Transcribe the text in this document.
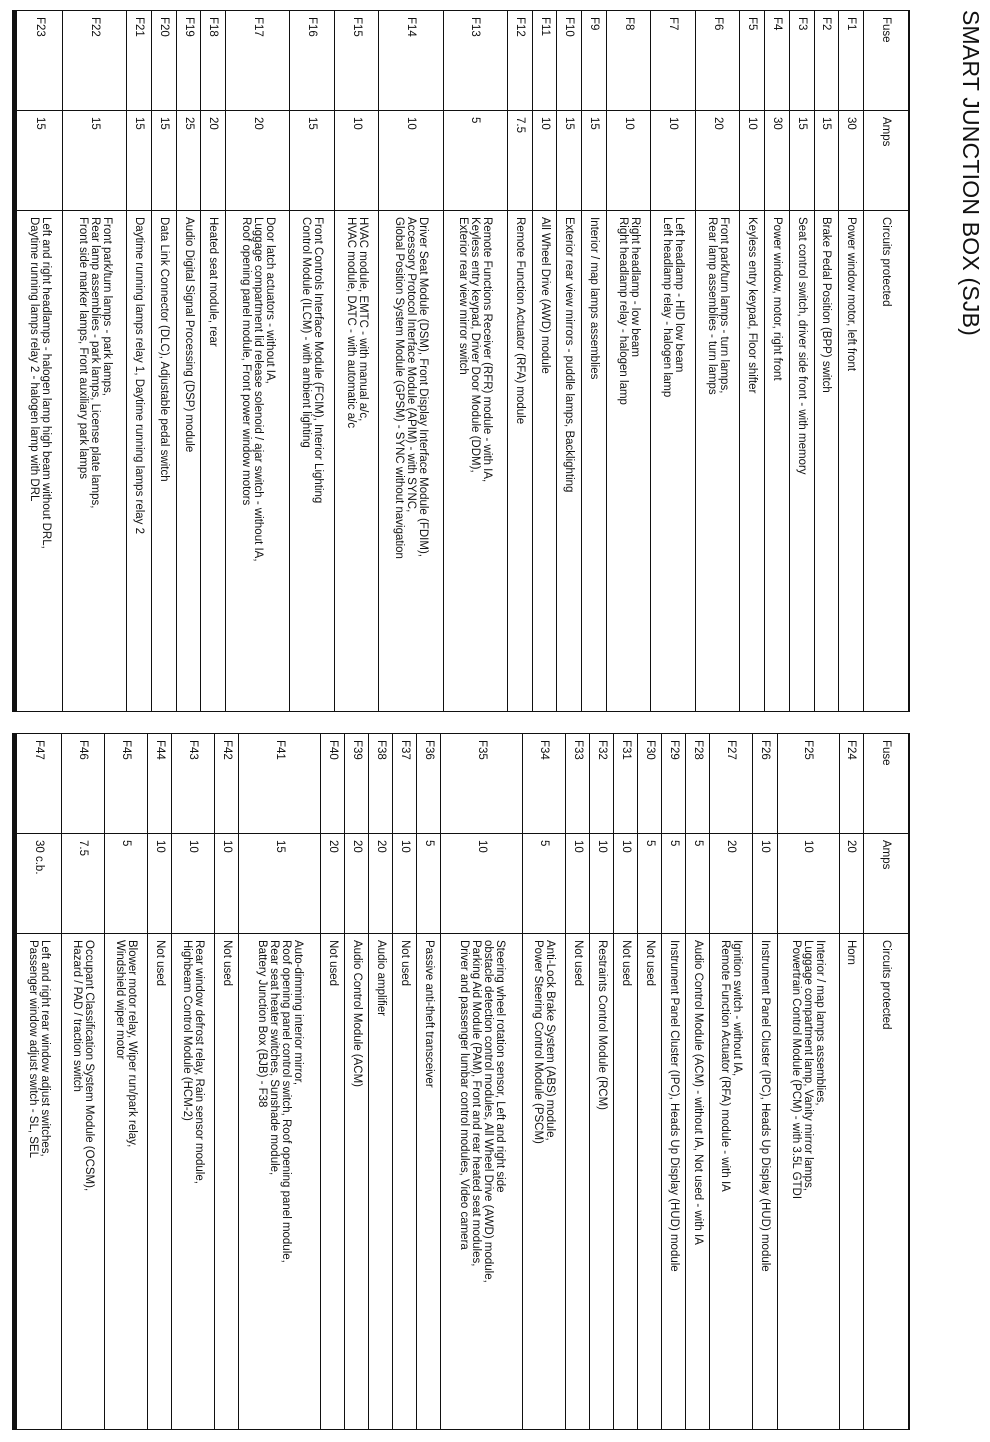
SMART JUNCTION BOX (SJB)
Fuse	Amps	Circuits protected
F1	30	Power window motor, left front
F2	15	Brake Pedal Position (BPP) switch
F3	15	Seat control switch, driver side front - with memory
F4	30	Power window, motor, right front
F5	10	Keyless entry keypad, Floor shifter
F6	20	Front park/turn lamps - turn lamps,
Rear lamp assemblies - turn lamps
F7	10	Left headlamp - HID low beam
Left headlamp relay - halogen lamp
F8	10	Right headlamp - low beam
Right headlamp relay - halogen lamp
F9	15	Interior / map lamps assemblies
F10	15	Exterior rear view mirrors - puddle lamps, Backlighting
F11	10	All Wheel Drive (AWD) module
F12	7.5	Remote Function Actuator (RFA) module
F13	5	Remote Functions Receiver (RFR) module - with IA,
Keyless entry keypad, Driver Door Module (DDM),
Exterior rear view mirror switch
F14	10	Driver Seat Module (DSM), Front Display Interface Module (FDIM),
Accessory Protocol Interface Module (APIM) - with SYNC,
Global Position System Module (GPSM) - SYNC without navigation
F15	10	HVAC module, EMTC - with manual a/c,
HVAC module, DATC - with automatic a/c
F16	15	Front Controls Interface Module (FCIM), Interior Lighting
Control Module (ILCM) - with ambient lighting
F17	20	Door latch actuators - without IA,
Luggage compartment lid release solenoid / ajar switch - without IA,
Roof opening panel module, Front power window motors
F18	20	Heated seat module, rear
F19	25	Audio Digital Signal Processing (DSP) module
F20	15	Data Link Connector (DLC), Adjustable pedal switch
F21	15	Daytime running lamps relay 1, Daytime running lamps relay 2
F22	15	Front park/turn lamps - park lamps,
Rear lamp assemblies - park lamps, License plate lamps,
Front side marker lamps, Front auxiliary park lamps
F23	15	Left and right headlamps - halogen lamp high beam without DRL,
Daytime running lamps relay 2 - halogen lamp with DRL
Fuse	Amps	Circuits protected
F24	20	Horn
F25	10	Interior / map lamps assemblies,
Luggage compartment lamp, Vanity mirror lamps,
Powertrain Control Module (PCM) - with 3.5L GTDI
F26	10	Instrument Panel Cluster (IPC), Heads Up Display (HUD) module
F27	20	Ignition switch - without IA,
Remote Function Actuator (RFA) module - with IA
F28	5	Audio Control Module (ACM) - without IA, Not used - with IA
F29	5	Instrument Panel Cluster (IPC), Heads Up Display (HUD) module
F30	5	Not used
F31	10	Not used
F32	10	Restraints Control Module (RCM)
F33	10	Not used
F34	5	Anti-Lock Brake System (ABS) module,
Power Steering Control Module (PSCM)
F35	10	Steering wheel rotation sensor, Left and right side
obstacle detection control modules, All Wheel Drive (AWD) module,
Parking Aid Module (PAM), Front and rear heated seat modules,
Driver and passenger lumbar control modules, Video camera
F36	5	Passive anti-theft transceiver
F37	10	Not used
F38	20	Audio amplifier
F39	20	Audio Control Module (ACM)
F40	20	Not used
F41	15	Auto-dimming interior mirror,
Roof opening panel control switch, Roof opening panel module,
Rear seat heater switches, Sunshade module,
Battery Junction Box (BJB) - F38
F42	10	Not used
F43	10	Rear window defrost relay, Rain sensor module,
Highbeam Control Module (HCM-2)
F44	10	Not used
F45	5	Blower motor relay, Wiper run/park relay,
Windshield wiper motor
F46	7.5	Occupant Classification System Module (OCSM),
Hazard / PAD / traction switch
F47	30 c.b.	Left and right rear window adjust switches,
Passenger window adjust switch - SL, SEL
